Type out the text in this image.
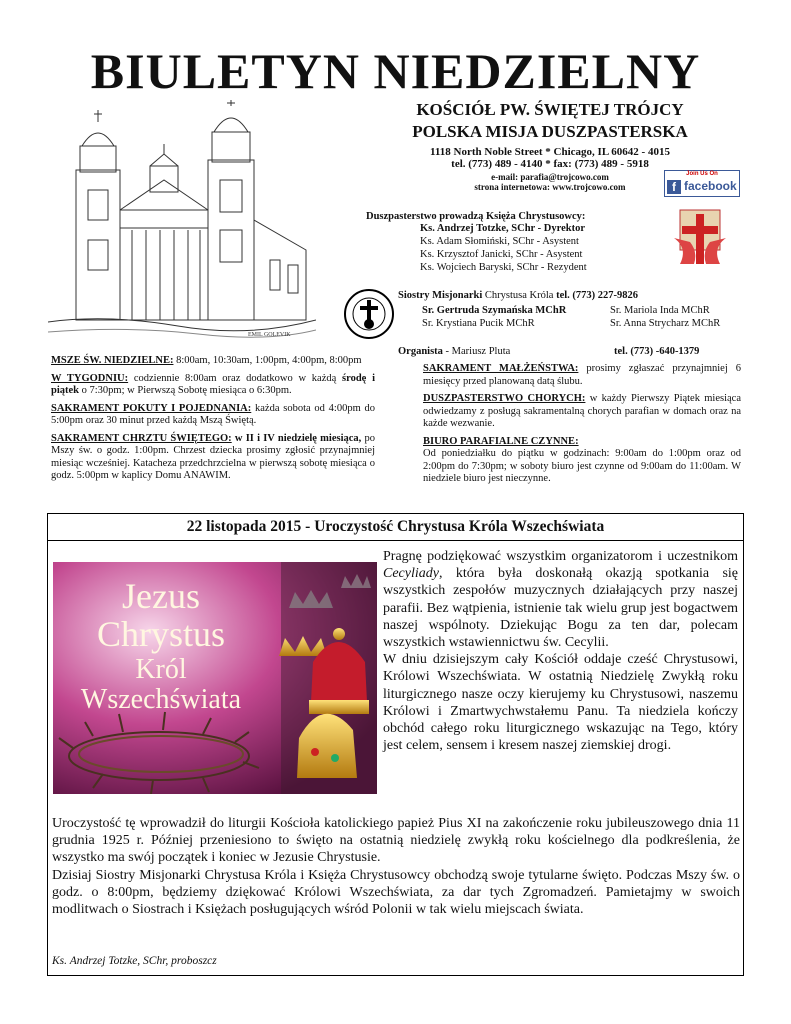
BIULETYN NIEDZIELNY
EMIL GOLEVIK
KOŚCIÓŁ PW. ŚWIĘTEJ TRÓJCY
POLSKA MISJA DUSZPASTERSKA
1118 North Noble Street * Chicago, IL 60642 - 4015
tel. (773) 489 - 4140 * fax: (773) 489 - 5918
e-mail: parafia@trojcowo.com
strona internetowa: www.trojcowo.com
Join Us On
f facebook
Duszpasterstwo prowadzą Księża Chrystusowcy:
Ks. Andrzej Totzke, SChr - Dyrektor
Ks. Adam Słomiński, SChr - Asystent
Ks. Krzysztof Janicki, SChr - Asystent
Ks. Wojciech Baryski, SChr - Rezydent
Siostry Misjonarki Chrystusa Króla tel. (773) 227-9826
Sr. Gertruda Szymańska MChR	Sr. Mariola Inda MChR
Sr. Krystiana Pucik MChR	Sr. Anna Strycharz MChR
Organista - Mariusz Pluta	tel. (773) -640-1379

MSZE ŚW. NIEDZIELNE: 8:00am, 10:30am, 1:00pm, 4:00pm, 8:00pm

W TYGODNIU: codziennie 8:00am oraz dodatkowo w każdą środę i piątek o 7:30pm; w Pierwszą Sobotę miesiąca o 6:30pm.

SAKRAMENT POKUTY I POJEDNANIA: każda sobota od 4:00pm do 5:00pm oraz 30 minut przed każdą Mszą Świętą.

SAKRAMENT CHRZTU ŚWIĘTEGO: w II i IV niedzielę miesiąca, po Mszy św. o godz. 1:00pm. Chrzest dziecka prosimy zgłosić przynajmniej miesiąc wcześniej. Katacheza przedchrzcielna w pierwszą sobotę miesiąca o godz. 5:00pm w kaplicy Domu ANAWIM.

SAKRAMENT MAŁŻEŃSTWA: prosimy zgłaszać przynajmniej 6 miesięcy przed planowaną datą ślubu.

DUSZPASTERSTWO CHORYCH: w każdy Pierwszy Piątek miesiąca odwiedzamy z posługą sakramentalną chorych parafian w domach oraz na każde wezwanie.

BIURO PARAFIALNE CZYNNE:
Od poniedziałku do piątku w godzinach: 9:00am do 1:00pm oraz od 2:00pm do 7:30pm; w soboty biuro jest czynne od 9:00am do 11:00am. W niedziele biuro jest nieczynne.

22 listopada 2015 - Uroczystość Chrystusa Króla Wszechświata
Jezus
Chrystus
Król
Wszechświata

Pragnę podziękować wszystkim organizatorom i uczestnikom Cecyliady, która była doskonałą okazją spotkania się wszystkich zespołów muzycznych działających przy naszej parafii. Bez wątpienia, istnienie tak wielu grup jest bogactwem naszej wspólnoty. Dziekując Bogu za ten dar, polecam wszystkich wstawiennictwu św. Cecylii.

W dniu dzisiejszym cały Kościół oddaje cześć Chrystusowi, Królowi Wszechświata. W ostatnią Niedzielę Zwykłą roku liturgicznego nasze oczy kierujemy ku Chrystusowi, naszemu Królowi i Zmartwychwstałemu Panu. Ta niedziela kończy obchód całego roku liturgicznego wskazując na Tego, który jest celem, sensem i kresem naszej ziemskiej drogi.

Uroczystość tę wprowadził do liturgii Kościoła katolickiego papież Pius XI na zakończenie roku jubileuszowego dnia 11 grudnia 1925 r. Później przeniesiono to święto na ostatnią niedzielę zwykłą roku kościelnego dla podkreślenia, że wszystko ma swój początek i koniec w Jezusie Chrystusie.

Dzisiaj Siostry Misjonarki Chrystusa Króla i Księża Chrystusowcy obchodzą swoje tytularne święto. Podczas Mszy św. o godz. o 8:00pm, będziemy dziękować Królowi Wszechświata, za dar tych Zgromadzeń. Pamietajmy w swoich modlitwach o Siostrach i Księżach posługujących wśród Polonii w tak wielu miejscach świata.

Ks. Andrzej Totzke, SChr, proboszcz
